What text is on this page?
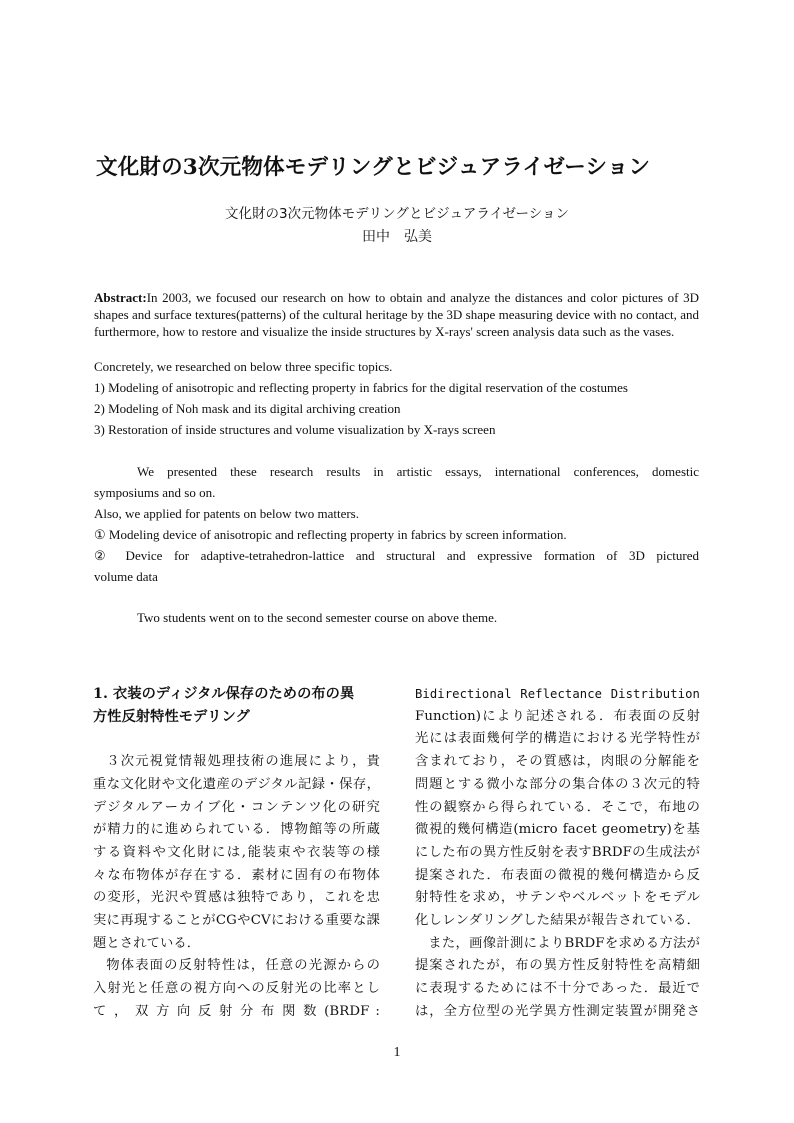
文化財の3次元物体モデリングとビジュアライゼーション
文化財の3次元物体モデリングとビジュアライゼーション
田中　弘美
Abstract:In 2003, we focused our research on how to obtain and analyze the distances and color pictures of 3D shapes and surface textures(patterns) of the cultural heritage by the 3D shape measuring device with no contact, and furthermore, how to restore and visualize the inside structures by X-rays' screen analysis data such as the vases.
Concretely, we researched on below three specific topics.
1) Modeling of anisotropic and reflecting property in fabrics for the digital reservation of the costumes
2) Modeling of Noh mask and its digital archiving creation
3) Restoration of inside structures and volume visualization by X-rays screen
We presented these research results in artistic essays, international conferences, domestic
symposiums and so on.
Also, we applied for patents on below two matters.
① Modeling device of anisotropic and reflecting property in fabrics by screen information.
② Device for adaptive-tetrahedron-lattice and structural and expressive formation of 3D pictured
volume data
Two students went on to the second semester course on above theme.
1. 衣装のディジタル保存のための布の異
方性反射特性モデリング
３次元視覚情報処理技術の進展により，貴
重な文化財や文化遺産のデジタル記録・保存，
デジタルアーカイブ化・コンテンツ化の研究
が精力的に進められている．博物館等の所蔵
する資料や文化財には,能装束や衣装等の様
々な布物体が存在する．素材に固有の布物体
の変形，光沢や質感は独特であり，これを忠
実に再現することがCGやCVにおける重要な課
題とされている．
物体表面の反射特性は，任意の光源からの
入射光と任意の視方向への反射光の比率とし
て ， 双 方 向 反 射 分 布 関 数 (BRDF :
Bidirectional Reflectance Distribution
Function)により記述される．布表面の反射
光には表面幾何学的構造における光学特性が
含まれており，その質感は，肉眼の分解能を
問題とする微小な部分の集合体の３次元的特
性の観察から得られている．そこで，布地の
微視的幾何構造(micro facet geometry)を基
にした布の異方性反射を表すBRDFの生成法が
提案された．布表面の微視的幾何構造から反
射特性を求め，サテンやベルベットをモデル
化しレンダリングした結果が報告されている．
また，画像計測によりBRDFを求める方法が
提案されたが，布の異方性反射特性を高精細
に表現するためには不十分であった．最近で
は，全方位型の光学異方性測定装置が開発さ
1
